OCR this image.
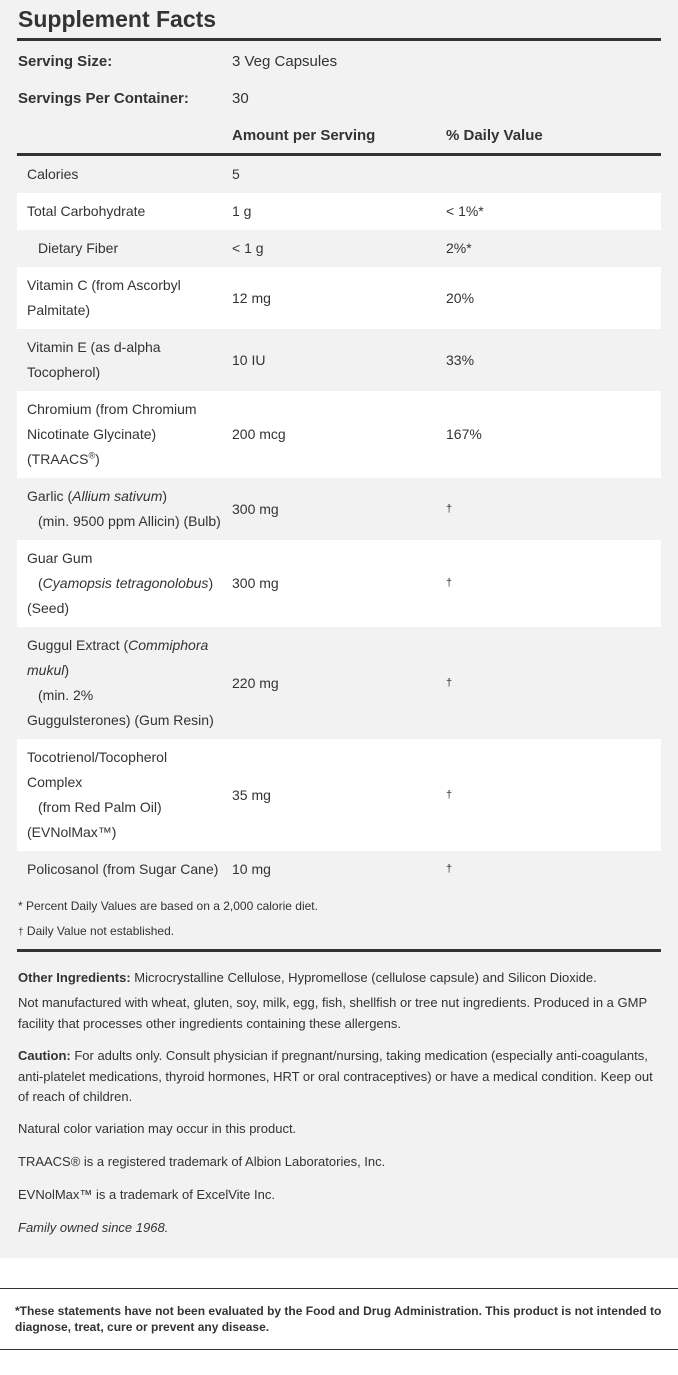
Supplement Facts
Serving Size:	3 Veg Capsules
Servings Per Container:	30
Amount per Serving	% Daily Value
Calories	5	
Total Carbohydrate	1 g	< 1%*
Dietary Fiber	< 1 g	2%*
Vitamin C (from Ascorbyl
Palmitate)	12 mg	20%
Vitamin E (as d-alpha
Tocopherol)	10 IU	33%
Chromium (from Chromium
Nicotinate Glycinate)
(TRAACS®)	200 mcg	167%
Garlic (Allium sativum)
(min. 9500 ppm Allicin) (Bulb)	300 mg	†
Guar Gum
(Cyamopsis tetragonolobus)
(Seed)	300 mg	†
Guggul Extract (Commiphora
mukul)
(min. 2%
Guggulsterones) (Gum Resin)	220 mg	†
Tocotrienol/Tocopherol
Complex
(from Red Palm Oil)
(EVNolMax™)	35 mg	†
Policosanol (from Sugar Cane)	10 mg	†
* Percent Daily Values are based on a 2,000 calorie diet.
† Daily Value not established.
Other Ingredients: Microcrystalline Cellulose, Hypromellose (cellulose capsule) and Silicon Dioxide.
Not manufactured with wheat, gluten, soy, milk, egg, fish, shellfish or tree nut ingredients. Produced in a GMP facility that processes other ingredients containing these allergens.
Caution: For adults only. Consult physician if pregnant/nursing, taking medication (especially anti-coagulants, anti-platelet medications, thyroid hormones, HRT or oral contraceptives) or have a medical condition. Keep out of reach of children.
Natural color variation may occur in this product.
TRAACS® is a registered trademark of Albion Laboratories, Inc.
EVNolMax™ is a trademark of ExcelVite Inc.
Family owned since 1968.
*These statements have not been evaluated by the Food and Drug Administration. This product is not intended to diagnose, treat, cure or prevent any disease.
